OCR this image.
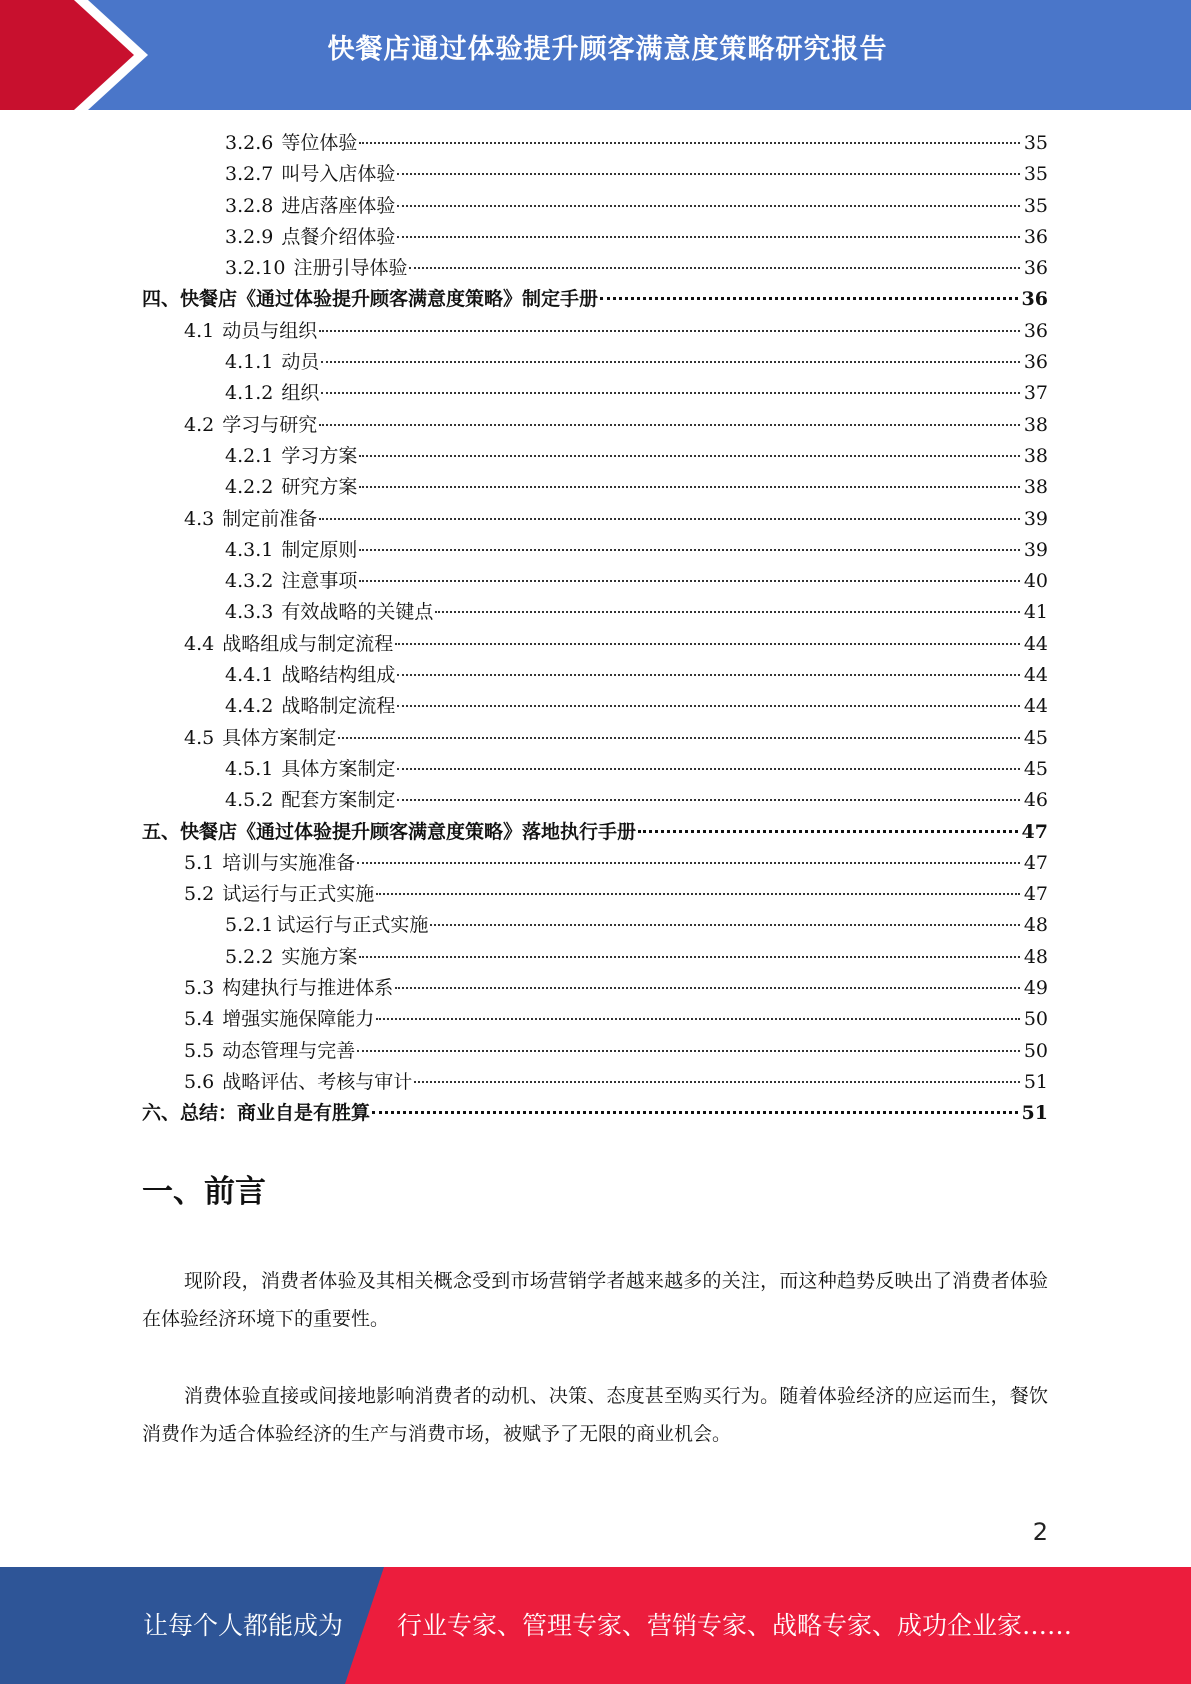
快餐店通过体验提升顾客满意度策略研究报告
3.2.6 等位体验	35
3.2.7 叫号入店体验	35
3.2.8 进店落座体验	35
3.2.9 点餐介绍体验	36
3.2.10 注册引导体验	36
四、快餐店《通过体验提升顾客满意度策略》制定手册	36
4.1 动员与组织	36
4.1.1 动员	36
4.1.2 组织	37
4.2 学习与研究	38
4.2.1 学习方案	38
4.2.2 研究方案	38
4.3 制定前准备	39
4.3.1 制定原则	39
4.3.2 注意事项	40
4.3.3 有效战略的关键点	41
4.4 战略组成与制定流程	44
4.4.1 战略结构组成	44
4.4.2 战略制定流程	44
4.5 具体方案制定	45
4.5.1 具体方案制定	45
4.5.2 配套方案制定	46
五、快餐店《通过体验提升顾客满意度策略》落地执行手册	47
5.1 培训与实施准备	47
5.2 试运行与正式实施	47
5.2.1 试运行与正式实施	48
5.2.2 实施方案	48
5.3 构建执行与推进体系	49
5.4 增强实施保障能力	50
5.5 动态管理与完善	50
5.6 战略评估、考核与审计	51
六、总结：商业自是有胜算	51
一、前言
现阶段，消费者体验及其相关概念受到市场营销学者越来越多的关注，而这种趋势反映出了消费者体验在体验经济环境下的重要性。
消费体验直接或间接地影响消费者的动机、决策、态度甚至购买行为。随着体验经济的应运而生，餐饮消费作为适合体验经济的生产与消费市场，被赋予了无限的商业机会。
2
让每个人都能成为 行业专家、管理专家、营销专家、战略专家、成功企业家……
